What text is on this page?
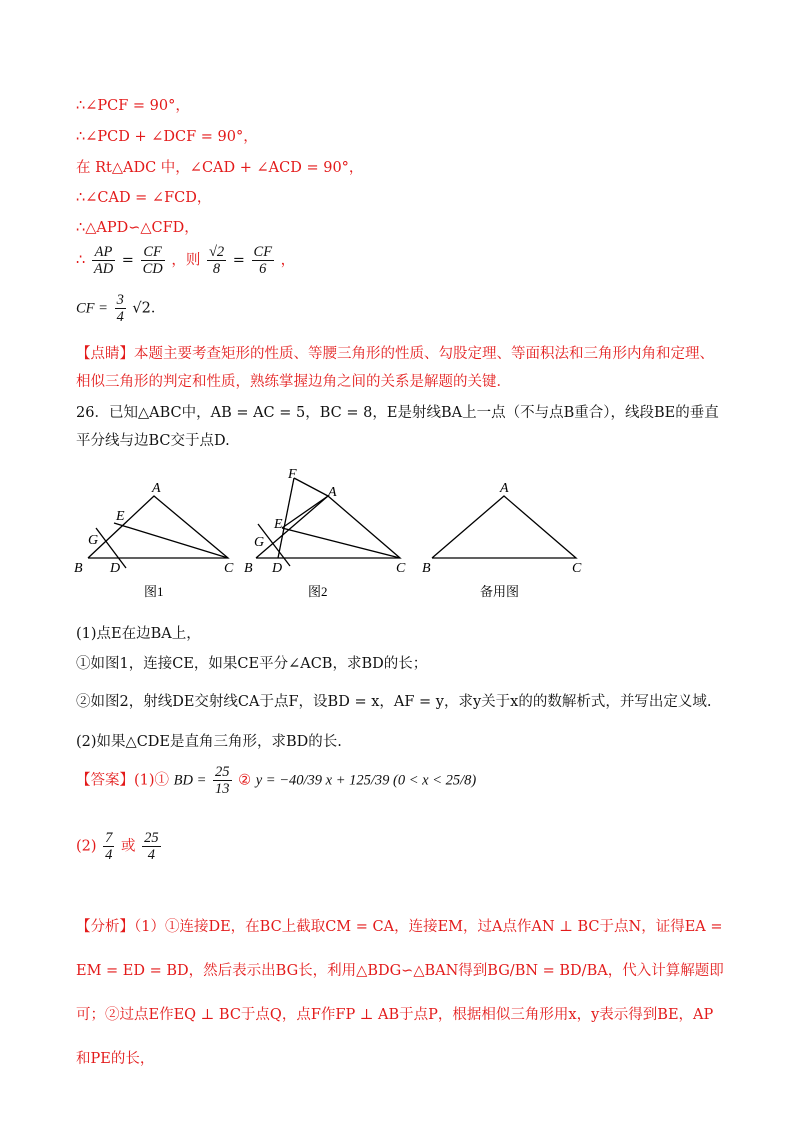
∴∠PCF = 90°，
∴∠PCD + ∠DCF = 90°，
在 Rt△ADC 中，∠CAD + ∠ACD = 90°，
∴∠CAD = ∠FCD，
∴△APD∽△CFD，
∴ $\frac{AP}{AD} = \frac{CF}{CD}$ ，则 $\frac{√2}{8} = \frac{CF}{6}$ ，
CF = $\frac{3}{4} √2$．
【点睛】本题主要考查矩形的性质、等腰三角形的性质、勾股定理、等面积法和三角形内角和定理、相似三角形的判定和性质，熟练掌握边角之间的关系是解题的关键．
26．已知△ABC中，AB = AC = 5，BC = 8，E是射线BA上一点（不与点B重合），线段BE的垂直平分线与边BC交于点D.
A
E
G
B D	C
F
A
E
G
B D	C
A
B	C
图1	图2	备用图
(1)点E在边BA上，
①如图1，连接CE，如果CE平分∠ACB，求BD的长；
②如图2，射线DE交射线CA于点F，设BD = x，AF = y，求y关于x的的数解析式，并写出定义域.
(2)如果△CDE是直角三角形，求BD的长.
【答案】(1)① BD = $\frac{25}{13}$ ② y = −40/39 x + 125/39 (0 < x < 25/8)
$(2) \frac{7}{4}$ 或 $\frac{25}{4}$
【分析】（1）①连接DE，在BC上截取CM = CA，连接EM，过A点作AN ⊥ BC于点N，证得EA = EM = ED = BD，然后表示出BG长，利用△BDG∽△BAN得到BG/BN = BD/BA，代入计算解题即可；②过点E作EQ ⊥ BC于点Q，点F作FP ⊥ AB于点P，根据相似三角形用x，y表示得到BE，AP和PE的长，
